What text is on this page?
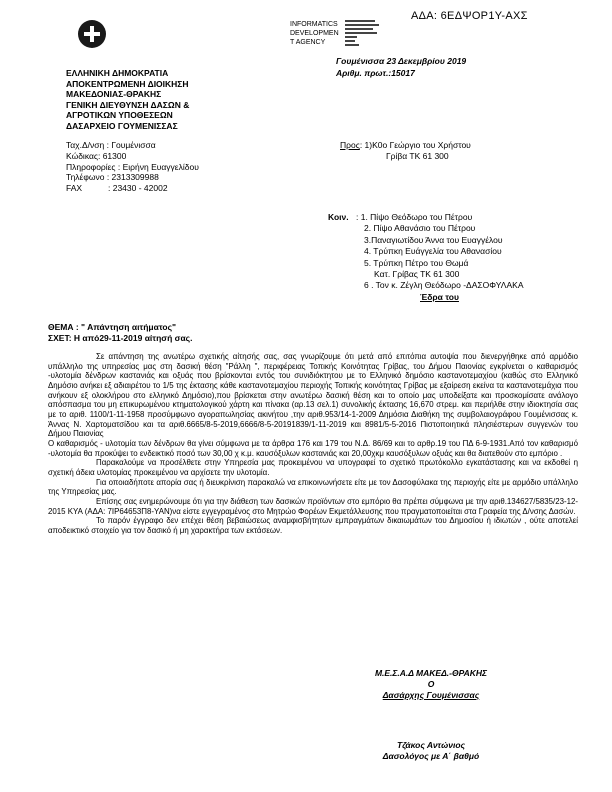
ΑΔΑ: 6ΕΔΨΟΡ1Υ-ΑΧΣ
INFORMATICS
DEVELOPMEN
T AGENCY

Γουμένισσα 23 Δεκεμβρίου 2019
Αριθμ. πρωτ.:15017
ΕΛΛΗΝΙΚΗ ΔΗΜΟΚΡΑΤΙΑ
ΑΠΟΚΕΝΤΡΩΜΕΝΗ ΔΙΟΙΚΗΣΗ
ΜΑΚΕΔΟΝΙΑΣ-ΘΡΑΚΗΣ
ΓΕΝΙΚΗ ΔΙΕΥΘΥΝΣΗ ΔΑΣΩΝ &
ΑΓΡΟΤΙΚΩΝ ΥΠΟΘΕΣΕΩΝ
ΔΑΣΑΡΧΕΙΟ ΓΟΥΜΕΝΙΣΣΑΣ
Ταχ.Δ/νση : Γουμένισσα
Κώδικας: 61300
Πληροφορίες : Ειρήνη Ευαγγελίδου
Τηλέφωνο : 2313309988
FAX	: 23430 - 42002
Προς: 1)Κ0ο Γεώργιο του Χρήστου
Γρίβα ΤΚ 61 300
Κοιν. : 1. Πίψο Θεόδωρο του Πέτρου
2. Πίψο Αθανάσιο του Πέτρου
3.Παναγιωτίδου Άννα του Ευαγγέλου
4. Τρύπκη Ευάγγελία του Αθανασίου
5. Τρύπκη Πέτρο του Θωμά
Κατ. Γρίβας ΤΚ 61 300
6 . Τον κ. Ζέγλη Θεόδωρο -ΔΑΣΟΦΥΛΑΚΑ
Έδρα του
ΘΕΜΑ : " Απάντηση αιτήματος"
ΣΧΕΤ: Η από29-11-2019 αίτησή σας.

Σε απάντηση της ανωτέρω σχετικής αίτησής σας, σας γνωρίζουμε ότι μετά από επιτόπια αυτοψία που διενεργήθηκε από αρμόδιο υπάλληλο της υπηρεσίας μας στη δασική θέση "Ράλλη ", περιφέρειας Τοπικής Κοινότητας Γρίβας, του Δήμου Παιονίας εγκρίνεται ο καθαρισμός -υλοτομία δένδρων καστανιάς και οξυάς που βρίσκονται εντός του συνιδιόκτητου με το Ελληνικό δημόσιο καστανοτεμαχίου (καθώς στο Ελληνικό Δημόσιο ανήκει εξ αδιαιρέτου το 1/5 της έκτασης κάθε καστανοτεμαχίου περιοχής Τοπικής κοινότητας Γρίβας με εξαίρεση εκείνα τα καστανοτεμάχια που ανήκουν εξ ολοκλήρου στο ελληνικό Δημόσιο),που βρίσκεται στην ανωτέρω δασική θέση και το οποίο μας υποδείξατε και προσκομίσατε ανάλογο απόσπασμα του μη επικυρωμένου κτηματολογικού χάρτη και πίνακα (αρ.13 σελ.1) συνολικής έκτασης 16,670 στρεμ. και περιήλθε στην ιδιοκτησία σας με το αριθ. 1100/1-11-1958 προσύμφωνο αγοραπωλησίας ακινήτου ,την αριθ.953/14-1-2009 Δημόσια Διαθήκη της συμβολαιογράφου Γουμένισσας κ. Άννας Ν. Χαρτοματσίδου και τα αριθ.6665/8-5-2019,6666/8-5-20191839/1-11-2019 και 8981/5-5-2016 Πιστοποιητικά πλησιέστερων συγγενών του Δήμου Παιονίας

Ο καθαρισμός - υλοτομία των δένδρων θα γίνει σύμφωνα με τα άρθρα 176 και 179 του Ν.Δ. 86/69 και το αρθρ.19 του ΠΔ 6-9-1931.Από τον καθαρισμό -υλοτομία θα προκύψει το ενδεικτικό ποσό των 30,00 χ κ.μ. καυσόξυλων καστανιάς και 20,00χκμ καυσόξυλων οξυάς και θα διατεθούν στο εμπόριο .

Παρακαλούμε να προσέλθετε στην Υπηρεσία μας προκειμένου να υπογραφεί το σχετικό πρωτόκολλο εγκατάστασης και να εκδοθεί η σχετική άδεια υλοτομίας προκειμένου να αρχίσετε την υλοτομία.

Για οποιαδήποτε απορία σας ή διευκρίνιση παρακαλώ να επικοινωνήσετε είτε με τον Δασοφύλακα της περιοχής είτε με αρμόδιο υπάλληλο της Υπηρεσίας μας.

Επίσης σας ενημερώνουμε ότι για την διάθεση των δασικών προϊόντων στο εμπόριο θα πρέπει σύμφωνα με την αριθ.134627/5835/23-12-2015 ΚΥΑ (ΑΔΑ: 7ΙΡ64653Π8-ΥΑΝ)να είστε εγγεγραμένος στο Μητρώο Φορέων Εκμετάλλευσης που πραγματοποιείται στα Γραφεία της Δ/νσης Δασών.

Το παρόν έγγραφο δεν επέχει θέση βεβαιώσεως αναμφισβήτητων εμπραγμάτων δικαιωμάτων του Δημοσίου ή ιδιωτών , ούτε αποτελεί αποδεικτικό στοιχείο για τον δασικό ή μη χαρακτήρα των εκτάσεων.

Μ.Ε.Σ.Α.Δ ΜΑΚΕΔ.-ΘΡΑΚΗΣ
Ο
Δασάρχης Γουμένισσας
Τζάκος Αντώνιος
Δασολόγος με Α΄ βαθμό
